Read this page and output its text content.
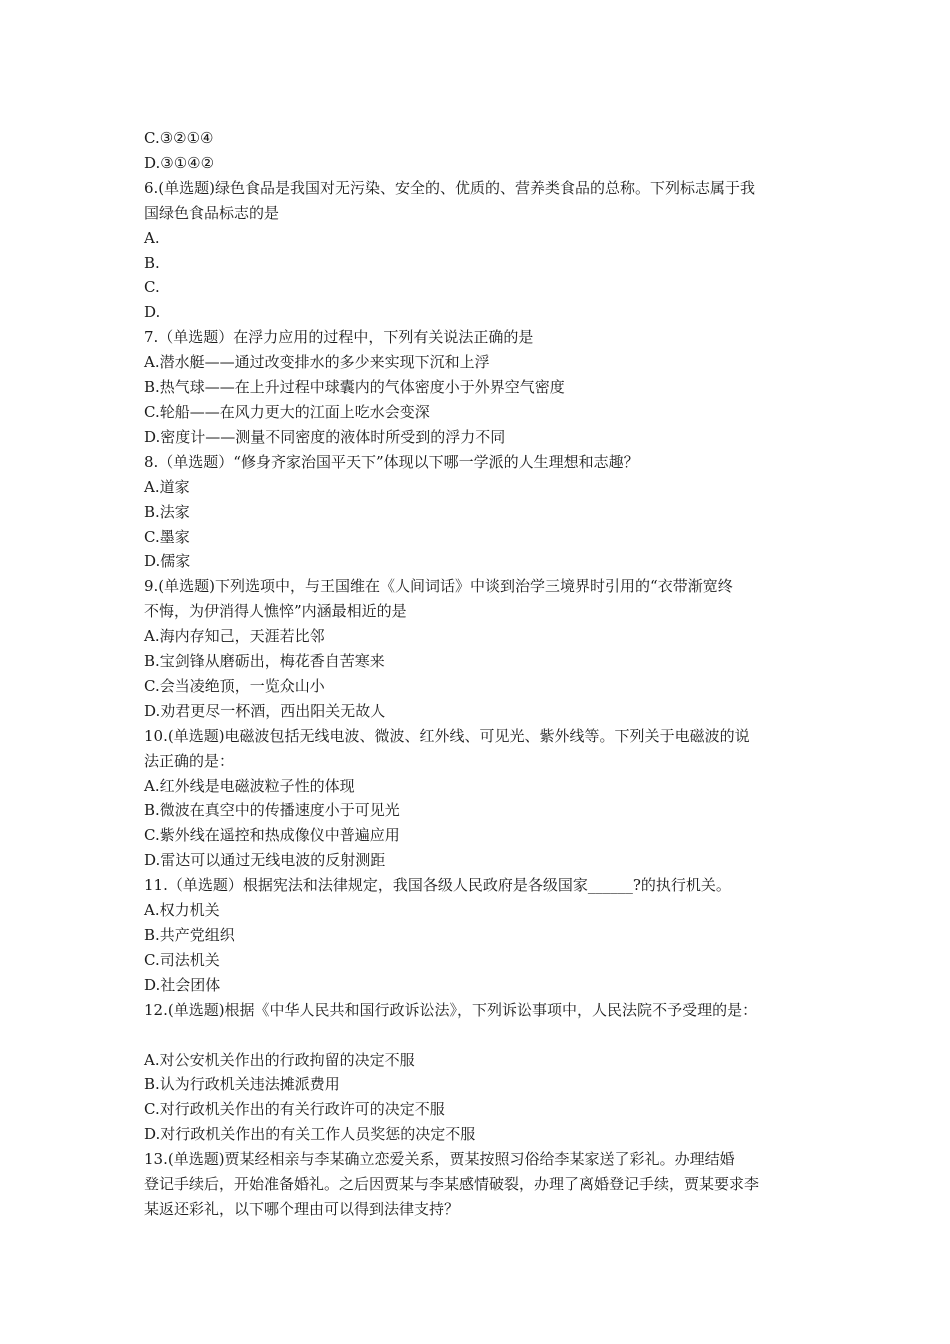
C.③②①④
D.③①④②
6.(单选题)绿色食品是我国对无污染、安全的、优质的、营养类食品的总称。下列标志属于我
国绿色食品标志的是
A.
B.
C.
D.
7.（单选题）在浮力应用的过程中，下列有关说法正确的是
A.潜水艇——通过改变排水的多少来实现下沉和上浮
B.热气球——在上升过程中球囊内的气体密度小于外界空气密度
C.轮船——在风力更大的江面上吃水会变深
D.密度计——测量不同密度的液体时所受到的浮力不同
8.（单选题）“修身齐家治国平天下”体现以下哪一学派的人生理想和志趣？
A.道家
B.法家
C.墨家
D.儒家
9.(单选题)下列选项中，与王国维在《人间词话》中谈到治学三境界时引用的“衣带渐宽终
不悔，为伊消得人憔悴”内涵最相近的是
A.海内存知己，天涯若比邻
B.宝剑锋从磨砺出，梅花香自苦寒来
C.会当凌绝顶，一览众山小
D.劝君更尽一杯酒，西出阳关无故人
10.(单选题)电磁波包括无线电波、微波、红外线、可见光、紫外线等。下列关于电磁波的说
法正确的是：
A.红外线是电磁波粒子性的体现
B.微波在真空中的传播速度小于可见光
C.紫外线在遥控和热成像仪中普遍应用
D.雷达可以通过无线电波的反射测距
11.（单选题）根据宪法和法律规定，我国各级人民政府是各级国家______?的执行机关。
A.权力机关
B.共产党组织
C.司法机关
D.社会团体
12.(单选题)根据《中华人民共和国行政诉讼法》，下列诉讼事项中，人民法院不予受理的是：
A.对公安机关作出的行政拘留的决定不服
B.认为行政机关违法摊派费用
C.对行政机关作出的有关行政许可的决定不服
D.对行政机关作出的有关工作人员奖惩的决定不服
13.(单选题)贾某经相亲与李某确立恋爱关系，贾某按照习俗给李某家送了彩礼。办理结婚
登记手续后，开始准备婚礼。之后因贾某与李某感情破裂，办理了离婚登记手续，贾某要求李
某返还彩礼，以下哪个理由可以得到法律支持？
